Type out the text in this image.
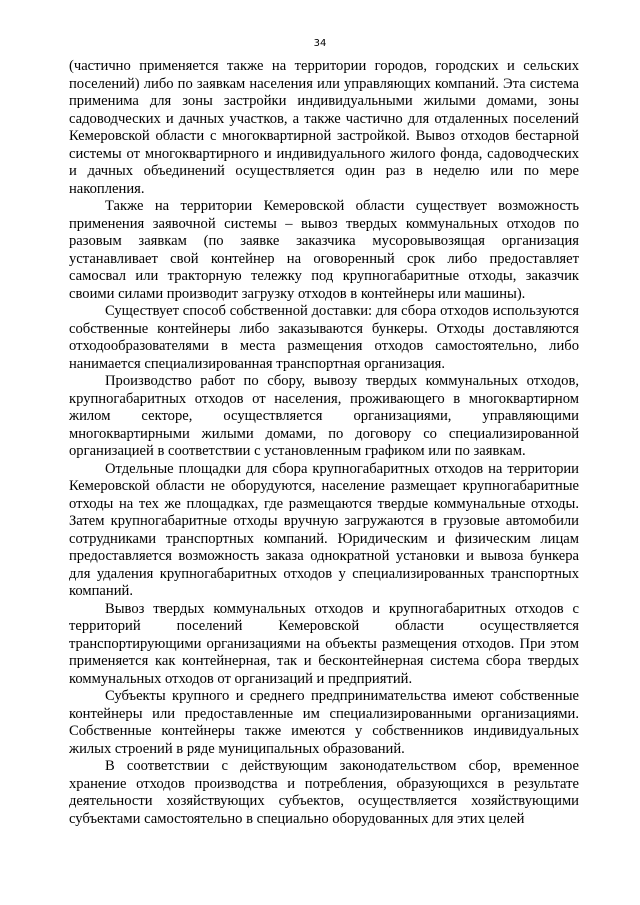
34

(частично применяется также на территории городов, городских и сельских поселений) либо по заявкам населения или управляющих компаний. Эта система применима для зоны застройки индивидуальными жилыми домами, зоны садоводческих и дачных участков, а также частично для отдаленных поселений Кемеровской области с многоквартирной застройкой. Вывоз отходов бестарной системы от многоквартирного и индивидуального жилого фонда, садоводческих и дачных объединений осуществляется один раз в неделю или по мере накопления.

Также на территории Кемеровской области существует возможность применения заявочной системы – вывоз твердых коммунальных отходов по разовым заявкам (по заявке заказчика мусоровывозящая организация устанавливает свой контейнер на оговоренный срок либо предоставляет самосвал или тракторную тележку под крупногабаритные отходы, заказчик своими силами производит загрузку отходов в контейнеры или машины).

Существует способ собственной доставки: для сбора отходов используются собственные контейнеры либо заказываются бункеры. Отходы доставляются отходообразователями в места размещения отходов самостоятельно, либо нанимается специализированная транспортная организация.

Производство работ по сбору, вывозу твердых коммунальных отходов, крупногабаритных отходов от населения, проживающего в многоквартирном жилом секторе, осуществляется организациями, управляющими многоквартирными жилыми домами, по договору со специализированной организацией в соответствии с установленным графиком или по заявкам.

Отдельные площадки для сбора крупногабаритных отходов на территории Кемеровской области не оборудуются, население размещает крупногабаритные отходы на тех же площадках, где размещаются твердые коммунальные отходы. Затем крупногабаритные отходы вручную загружаются в грузовые автомобили сотрудниками транспортных компаний. Юридическим и физическим лицам предоставляется возможность заказа однократной установки и вывоза бункера для удаления крупногабаритных отходов у специализированных транспортных компаний.

Вывоз твердых коммунальных отходов и крупногабаритных отходов с территорий поселений Кемеровской области осуществляется транспортирующими организациями на объекты размещения отходов. При этом применяется как контейнерная, так и бесконтейнерная система сбора твердых коммунальных отходов от организаций и предприятий.

Субъекты крупного и среднего предпринимательства имеют собственные контейнеры или предоставленные им специализированными организациями. Собственные контейнеры также имеются у собственников индивидуальных жилых строений в ряде муниципальных образований.

В соответствии с действующим законодательством сбор, временное хранение отходов производства и потребления, образующихся в результате деятельности хозяйствующих субъектов, осуществляется хозяйствующими субъектами самостоятельно в специально оборудованных для этих целей
